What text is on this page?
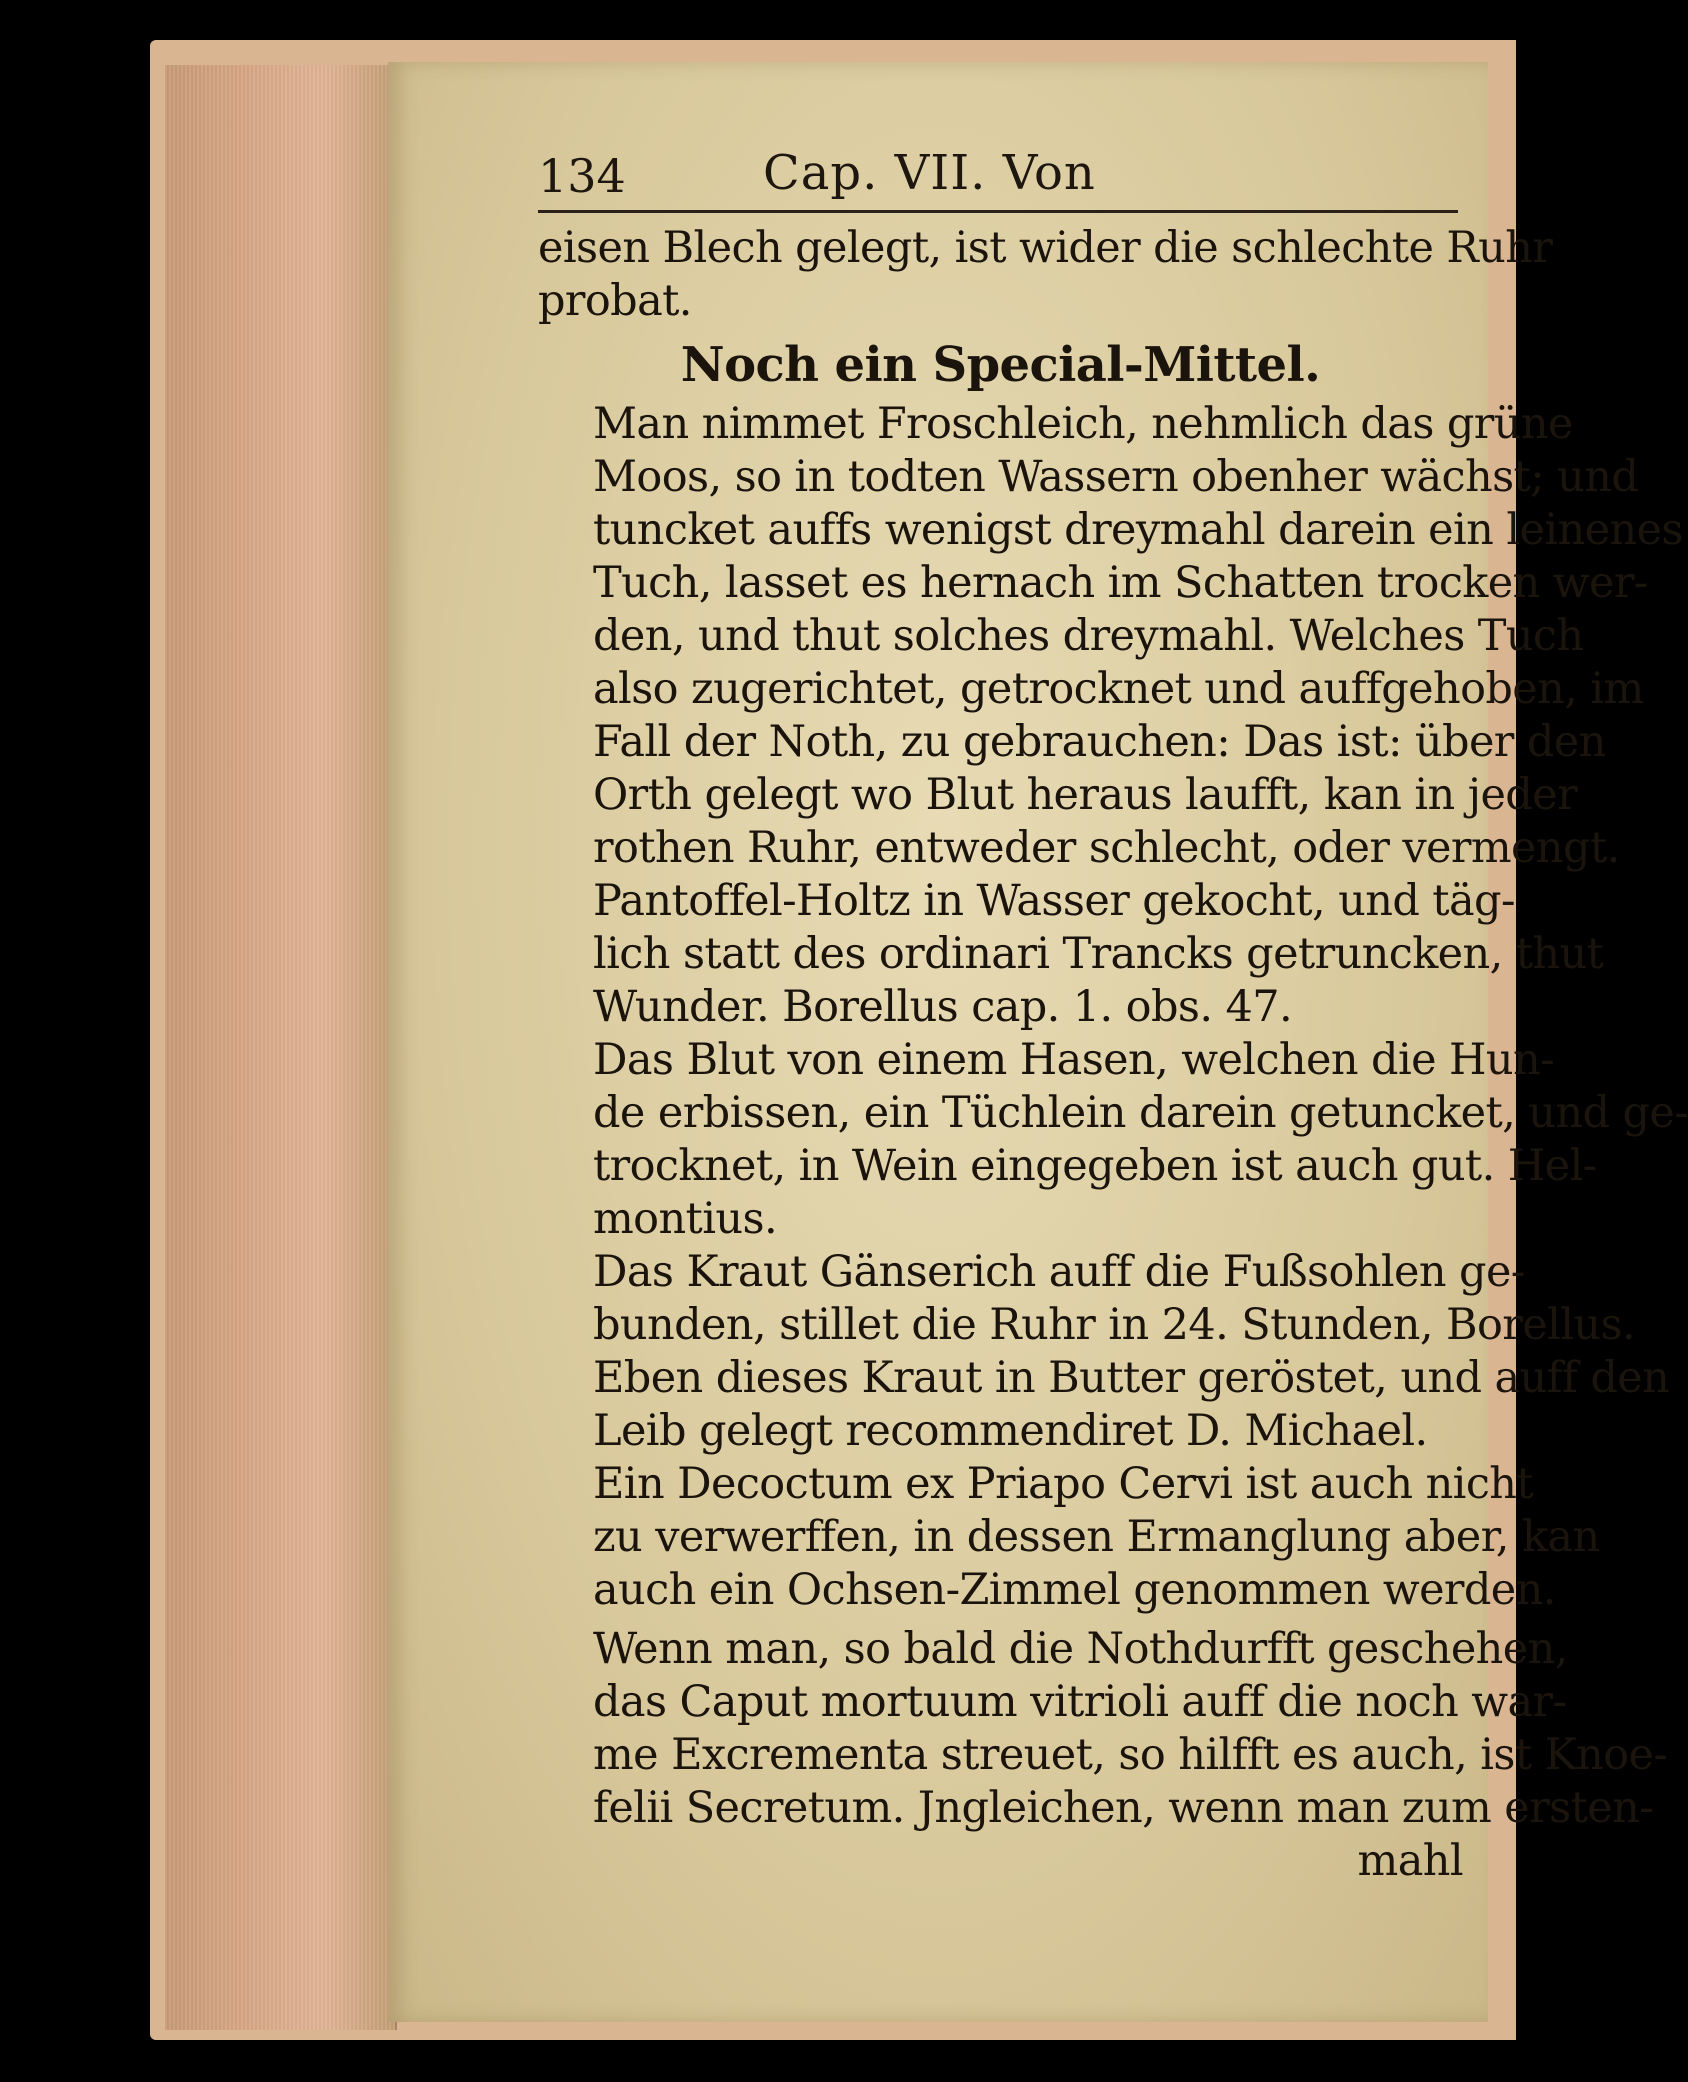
134	Cap. VII. Von

eisen Blech gelegt, ist wider die schlechte Ruhr
probat.

Noch ein Special-Mittel.

Man nimmet Froschleich, nehmlich das grüne
Moos, so in todten Wassern obenher wächst; und
tuncket auffs wenigst dreymahl darein ein leinenes
Tuch, lasset es hernach im Schatten trocken wer-
den, und thut solches dreymahl. Welches Tuch
also zugerichtet, getrocknet und auffgehoben, im
Fall der Noth, zu gebrauchen: Das ist: über den
Orth gelegt wo Blut heraus laufft, kan in jeder
rothen Ruhr, entweder schlecht, oder vermengt.

Pantoffel-Holtz in Wasser gekocht, und täg-
lich statt des ordinari Trancks getruncken, thut
Wunder. Borellus cap. 1. obs. 47.

Das Blut von einem Hasen, welchen die Hun-
de erbissen, ein Tüchlein darein getuncket, und ge-
trocknet, in Wein eingegeben ist auch gut. Hel-
montius.

Das Kraut Gänserich auff die Fußsohlen ge-
bunden, stillet die Ruhr in 24. Stunden, Borellus.
Eben dieses Kraut in Butter geröstet, und auff den
Leib gelegt recommendiret D. Michael.

Ein Decoctum ex Priapo Cervi ist auch nicht
zu verwerffen, in dessen Ermanglung aber, kan
auch ein Ochsen-Zimmel genommen werden.

Wenn man, so bald die Nothdurfft geschehen,
das Caput mortuum vitrioli auff die noch war-
me Excrementa streuet, so hilfft es auch, ist Knoe-
felii Secretum. Jngleichen, wenn man zum ersten-

mahl
